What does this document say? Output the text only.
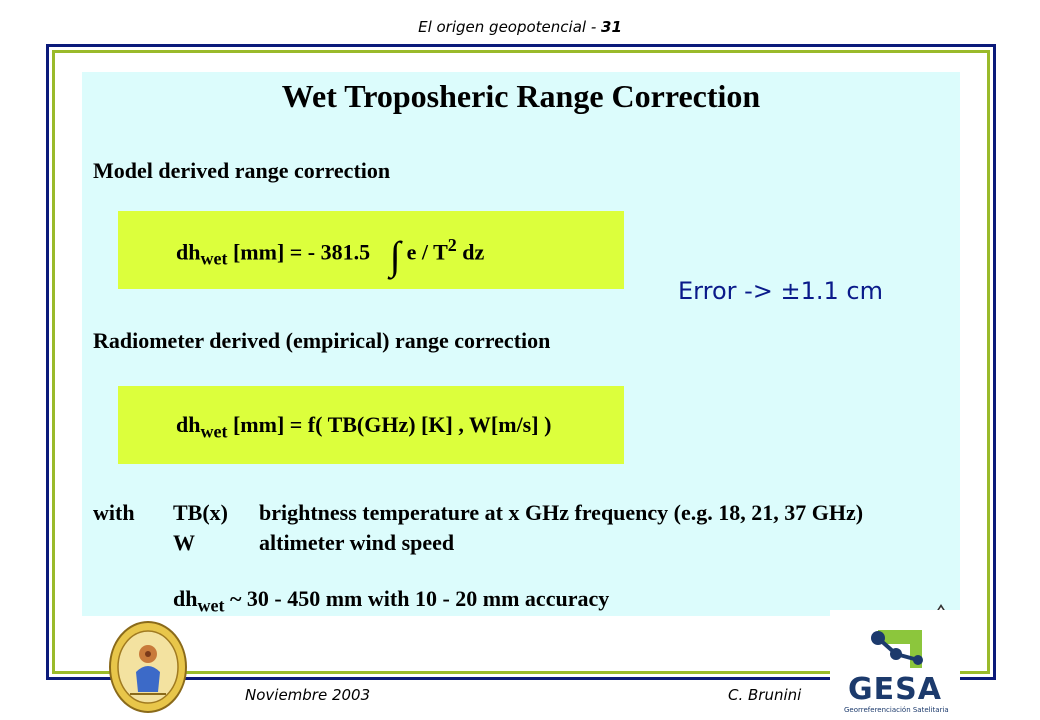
El origen geopotencial - 31
Wet Troposheric Range Correction
Model derived range correction
$dh_{wet}$ [mm] = - 381.5 ∫ e / $T^2$ dz
Error -> ±1.1 cm
Radiometer derived (empirical) range correction
$dh_{wet}$ [mm] = f( TB(GHz) [K] , W[m/s] )
with TB(x) brightness temperature at x GHz frequency (e.g. 18, 21, 37 GHz)
W	altimeter wind speed
$dh_{wet}$ ~ 30 - 450 mm with 10 - 20 mm accuracy
Noviembre 2003	C. Brunini GESA
Georreferenciación Satelitaria
